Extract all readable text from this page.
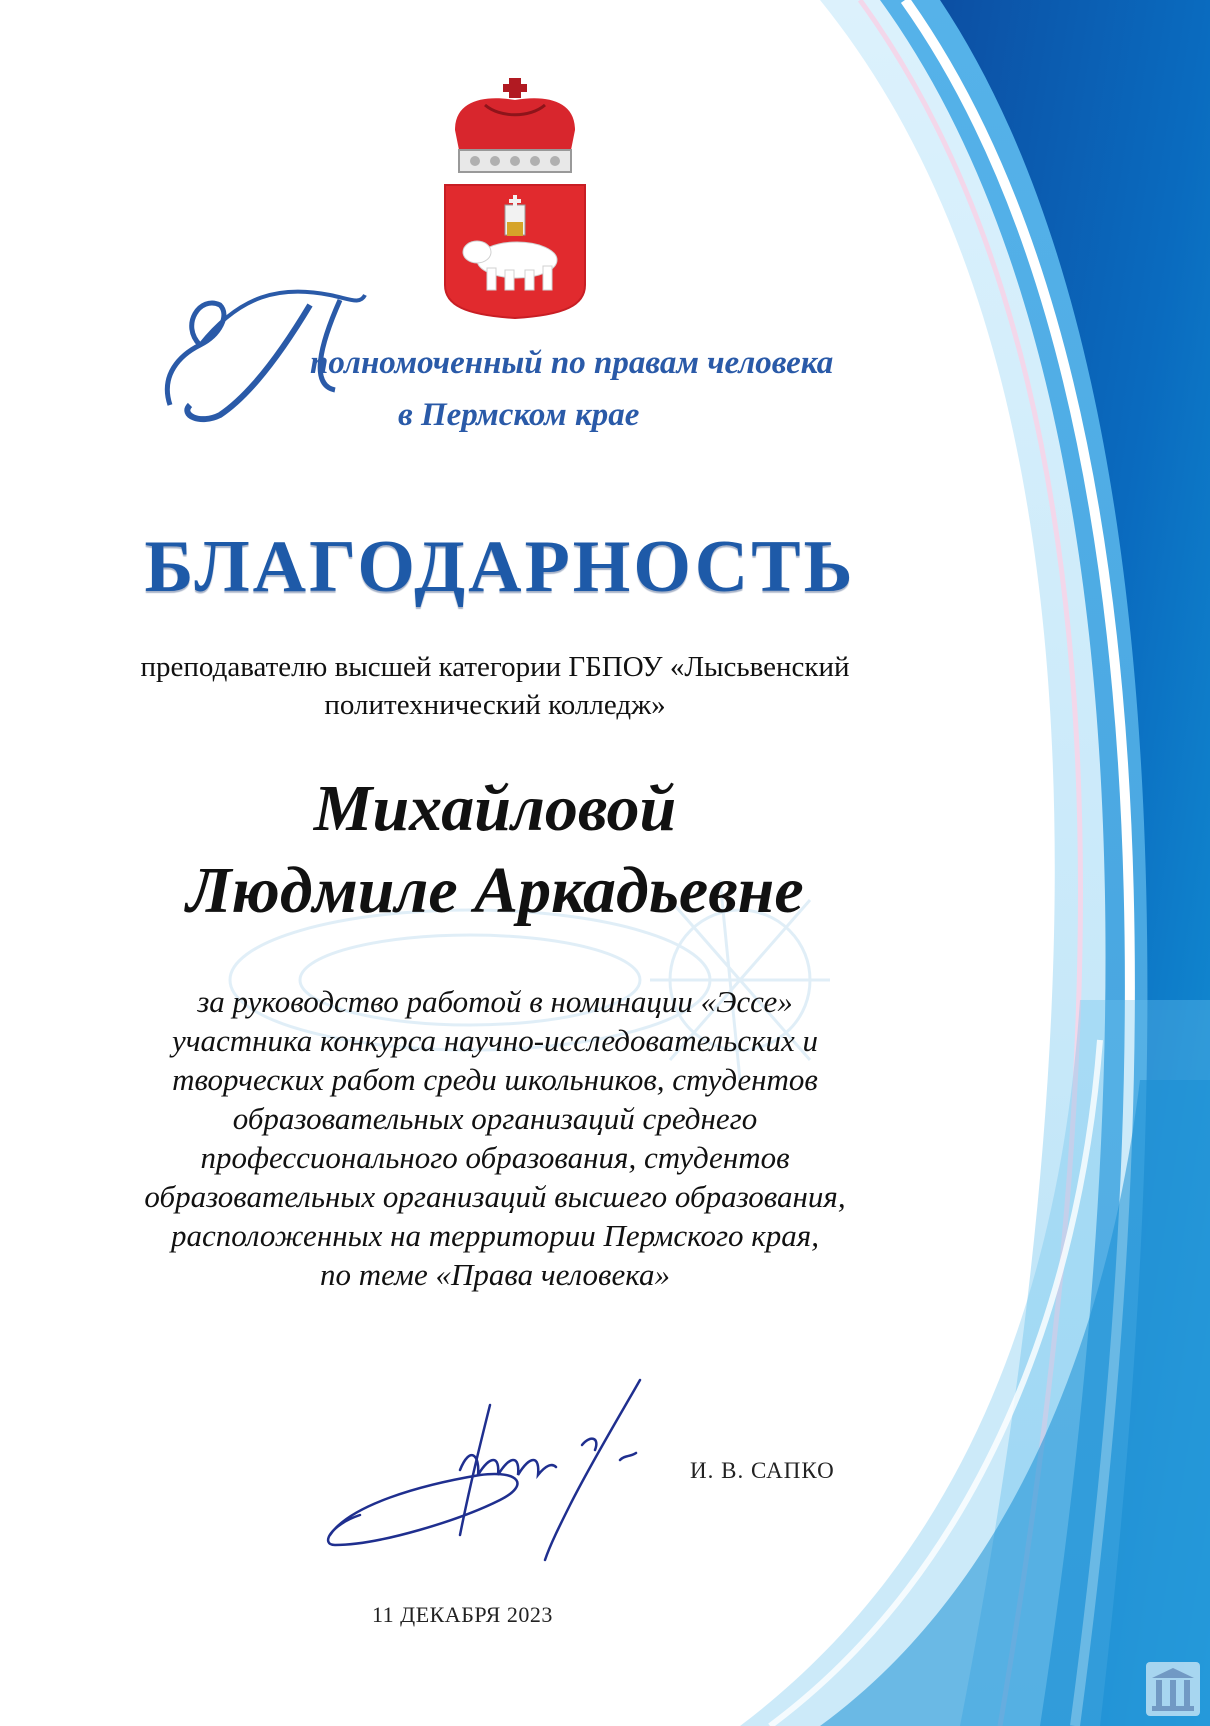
полномоченный по правам человека
в Пермском крае
БЛАГОДАРНОСТЬ
преподавателю высшей категории ГБПОУ «Лысьвенский
политехнический колледж»
Михайловой
Людмиле Аркадьевне
за руководство работой в номинации «Эссе»
участника конкурса научно-исследовательских и
творческих работ среди школьников, студентов
образовательных организаций среднего
профессионального образования, студентов
образовательных организаций высшего образования,
расположенных на территории Пермского края,
по теме «Права человека»
И. В. САПКО
11 ДЕКАБРЯ 2023
